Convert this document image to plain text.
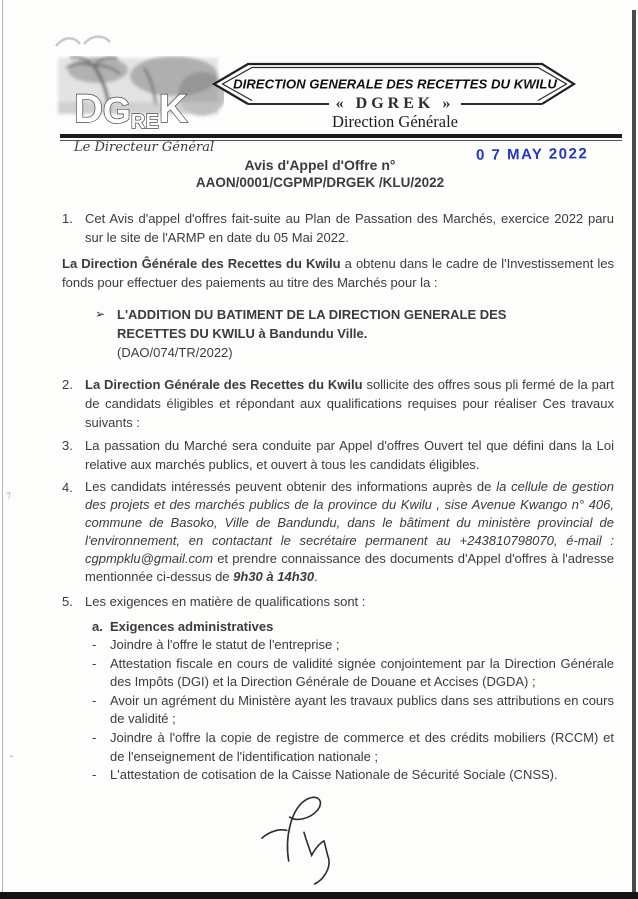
⁊
⁃
DGREK
DIRECTION GENERALE DES RECETTES DU KWILU
« DGREK »
Direction Générale
Le Directeur Général	0 7 MAY 2022
Avis d'Appel d'Offre n°
AAON/0001/CGPMP/DRGEK /KLU/2022
1. Cet Avis d'appel d'offres fait-suite au Plan de Passation des Marchés, exercice 2022 paru sur le site de l'ARMP en date du 05 Mai 2022.
La Direction Ĝénérale des Recettes du Kwilu a obtenu dans le cadre de l'Investissement les fonds pour effectuer des paiements au titre des Marchés pour la :
➢ L'ADDITION DU BATIMENT DE LA DIRECTION GENERALE DES RECETTES DU KWILU à Bandundu Ville.
(DAO/074/TR/2022)
2. La Direction Générale des Recettes du Kwilu sollicite des offres sous pli fermé de la part de candidats éligibles et répondant aux qualifications requises pour réaliser Ces travaux suivants :
3. La passation du Marché sera conduite par Appel d'offres Ouvert tel que défini dans la Loi relative aux marchés publics, et ouvert à tous les candidats éligibles.
4. Les candidats intéressés peuvent obtenir des informations auprès de la cellule de gestion des projets et des marchés publics de la province du Kwilu , sise Avenue Kwango n° 406, commune de Basoko, Ville de Bandundu, dans le bâtiment du ministère provincial de l'environnement, en contactant le secrétaire permanent au +243810798070, é-mail : cgpmpklu@gmail.com et prendre connaissance des documents d'Appel d'offres à l'adresse mentionnée ci-dessus de 9h30 à 14h30.
5. Les exigences en matière de qualifications sont :
a. Exigences administratives
-	Joindre à l'offre le statut de l'entreprise ;
-	Attestation fiscale en cours de validité signée conjointement par la Direction Générale des Impôts (DGI) et la Direction Générale de Douane et Accises (DGDA) ;
-	Avoir un agrément du Ministère ayant les travaux publics dans ses attributions en cours de validité ;
-	Joindre à l'offre la copie de registre de commerce et des crédits mobiliers (RCCM) et de l'enseignement de l'identification nationale ;
-	L'attestation de cotisation de la Caisse Nationale de Sécurité Sociale (CNSS).
